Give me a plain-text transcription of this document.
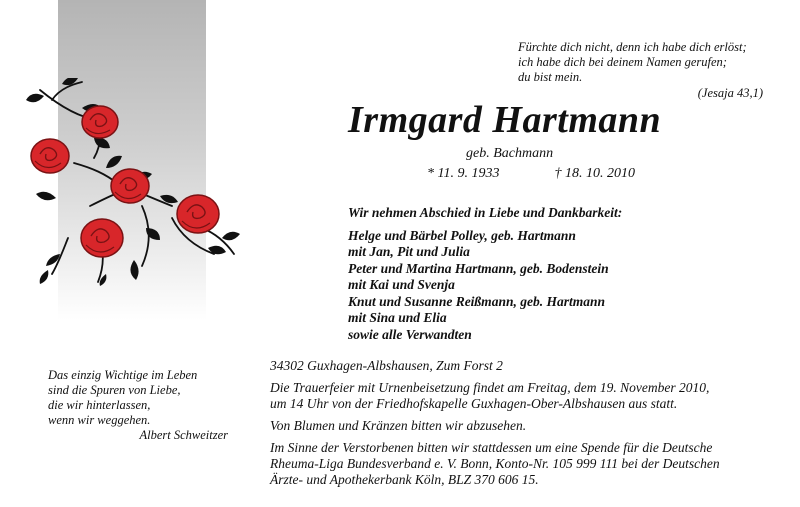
Fürchte dich nicht, denn ich habe dich erlöst;
ich habe dich bei deinem Namen gerufen;
du bist mein.
(Jesaja 43,1)
Irmgard Hartmann
geb. Bachmann
* 11. 9. 1933	† 18. 10. 2010
Wir nehmen Abschied in Liebe und Dankbarkeit:
Helge und Bärbel Polley, geb. Hartmann
mit Jan, Pit und Julia
Peter und Martina Hartmann, geb. Bodenstein
mit Kai und Svenja
Knut und Susanne Reißmann, geb. Hartmann
mit Sina und Elia
sowie alle Verwandten
Das einzig Wichtige im Leben
sind die Spuren von Liebe,
die wir hinterlassen,
wenn wir weggehen.
Albert Schweitzer

34302 Guxhagen-Albshausen, Zum Forst 2

Die Trauerfeier mit Urnenbeisetzung findet am Freitag, dem 19. November 2010,
um 14 Uhr von der Friedhofskapelle Guxhagen-Ober-Albshausen aus statt.

Von Blumen und Kränzen bitten wir abzusehen.

Im Sinne der Verstorbenen bitten wir stattdessen um eine Spende für die Deutsche
Rheuma-Liga Bundesverband e. V. Bonn, Konto-Nr. 105 999 111 bei der Deutschen
Ärzte- und Apothekerbank Köln, BLZ 370 606 15.
